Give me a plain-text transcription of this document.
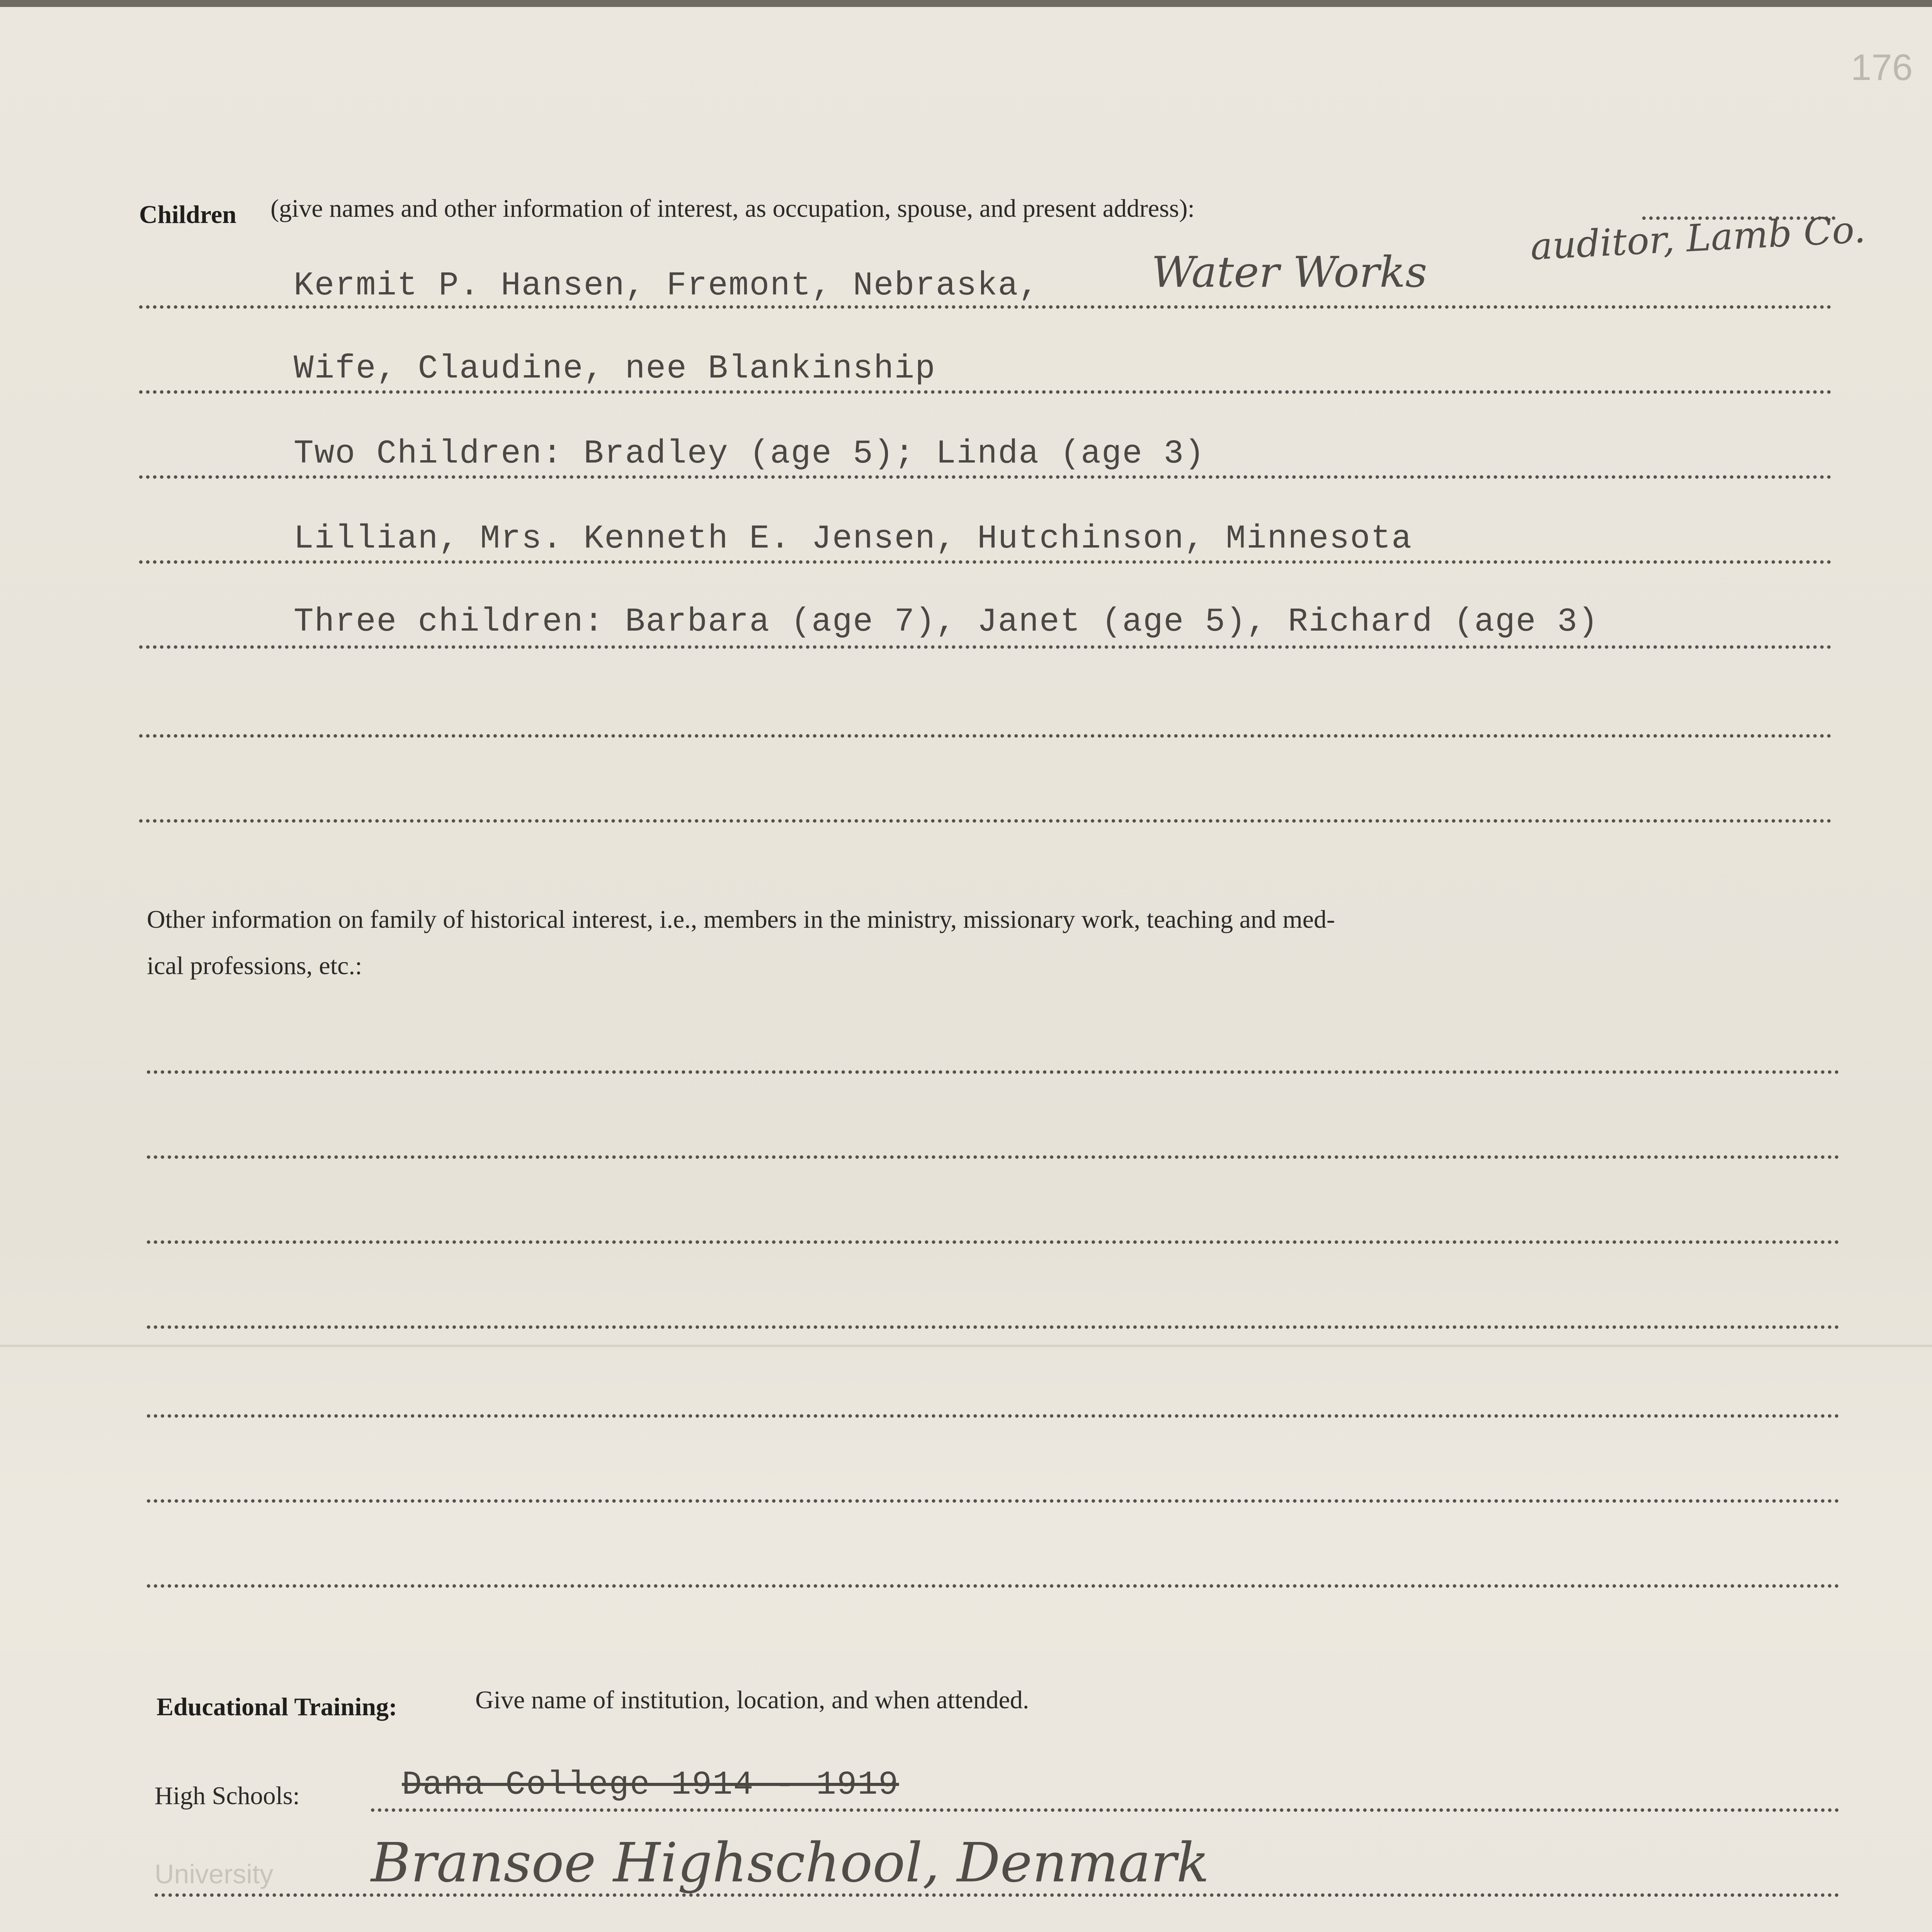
176
Children (give names and other information of interest, as occupation, spouse, and present address):
Kermit P. Hansen, Fremont, Nebraska,	Water Works
auditor, Lamb Co.
Wife, Claudine, nee Blankinship
Two Children: Bradley (age 5); Linda (age 3)
Lillian, Mrs. Kenneth E. Jensen, Hutchinson, Minnesota
Three children: Barbara (age 7), Janet (age 5), Richard (age 3)
Other information on family of historical interest, i.e., members in the ministry, missionary work, teaching and med-
ical professions, etc.:
Educational Training:	Give name of institution, location, and when attended.
High Schools:	Dana College 1914 - 1919
University Bransoe Highschool, Denmark
